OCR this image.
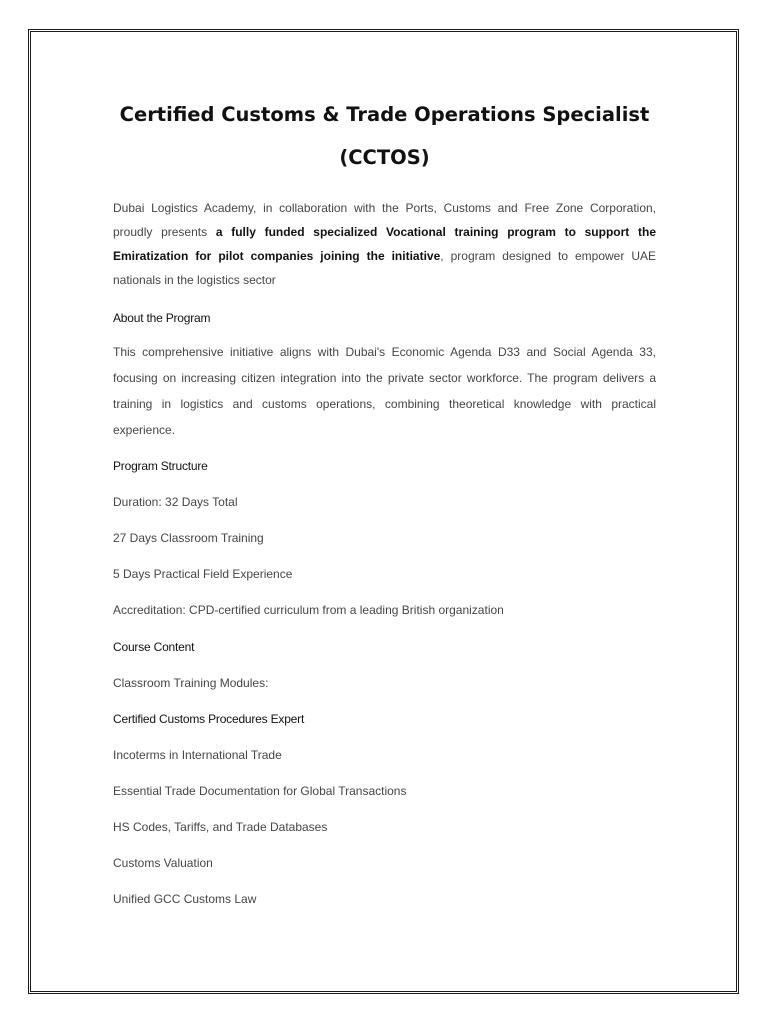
Certified Customs & Trade Operations Specialist
(CCTOS)

Dubai Logistics Academy, in collaboration with the Ports, Customs and Free Zone Corporation, proudly presents a fully funded specialized Vocational training program to support the Emiratization for pilot companies joining the initiative, program designed to empower UAE nationals in the logistics sector

About the Program

This comprehensive initiative aligns with Dubai's Economic Agenda D33 and Social Agenda 33, focusing on increasing citizen integration into the private sector workforce. The program delivers a training in logistics and customs operations, combining theoretical knowledge with practical experience.

Program Structure

Duration: 32 Days Total

27 Days Classroom Training

5 Days Practical Field Experience

Accreditation: CPD-certified curriculum from a leading British organization

Course Content

Classroom Training Modules:

Certified Customs Procedures Expert

Incoterms in International Trade

Essential Trade Documentation for Global Transactions

HS Codes, Tariffs, and Trade Databases

Customs Valuation

Unified GCC Customs Law
